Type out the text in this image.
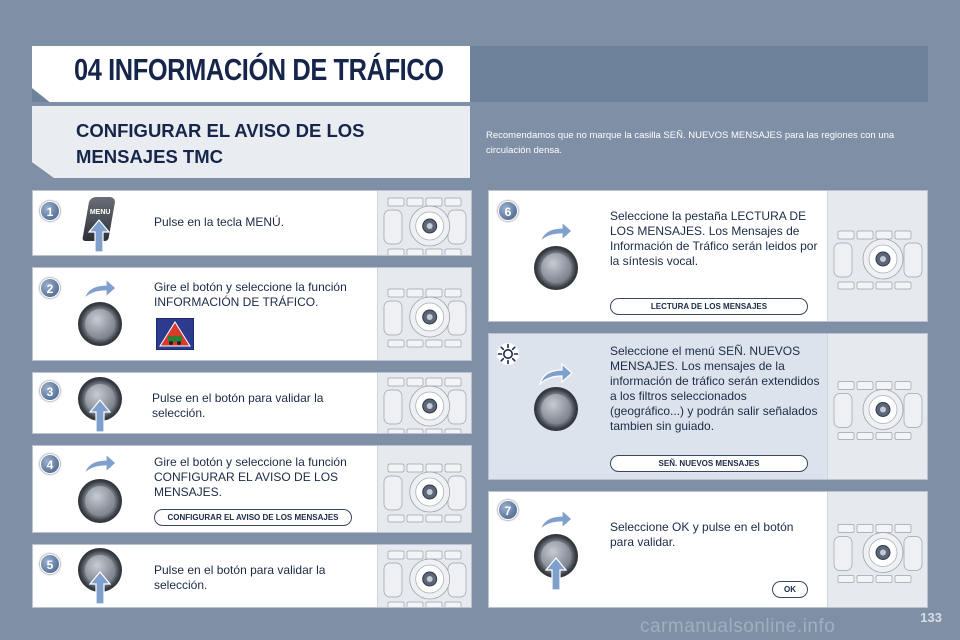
04 INFORMACIÓN DE TRÁFICO
CONFIGURAR EL AVISO DE LOS MENSAJES TMC
Recomendamos que no marque la casilla SEÑ. NUEVOS MENSAJES para las regiones con una circulación densa.
1	MENU
Pulse en la tecla MENÚ.
2	Gire el botón y seleccione la función INFORMACIÓN DE TRÁFICO.
3	Pulse en el botón para validar la selección.
4	Gire el botón y seleccione la función CONFIGURAR EL AVISO DE LOS MENSAJES.
CONFIGURAR EL AVISO DE LOS MENSAJES
5	Pulse en el botón para validar la selección.
6	Seleccione la pestaña LECTURA DE LOS MENSAJES. Los Mensajes de Información de Tráfico serán leidos por la síntesis vocal.
LECTURA DE LOS MENSAJES
Seleccione el menú SEÑ. NUEVOS MENSAJES. Los mensajes de la información de tráfico serán extendidos a los filtros seleccionados (geográfico...) y podrán salir señalados tambien sin guiado.
SEÑ. NUEVOS MENSAJES
7
Seleccione OK y pulse en el botón para validar.
OK
133
carmanualsonline.info
